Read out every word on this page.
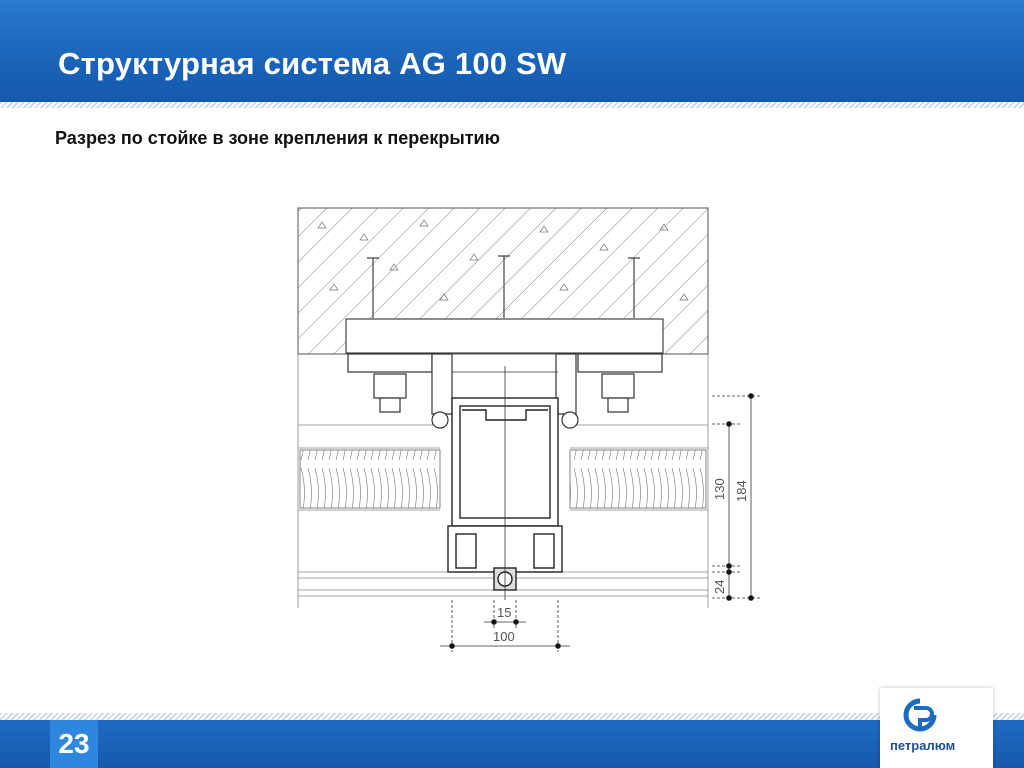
Структурная система AG 100 SW
Разрез по стойке в зоне крепления к перекрытию
130 184
24
15
100
23	петралюм
